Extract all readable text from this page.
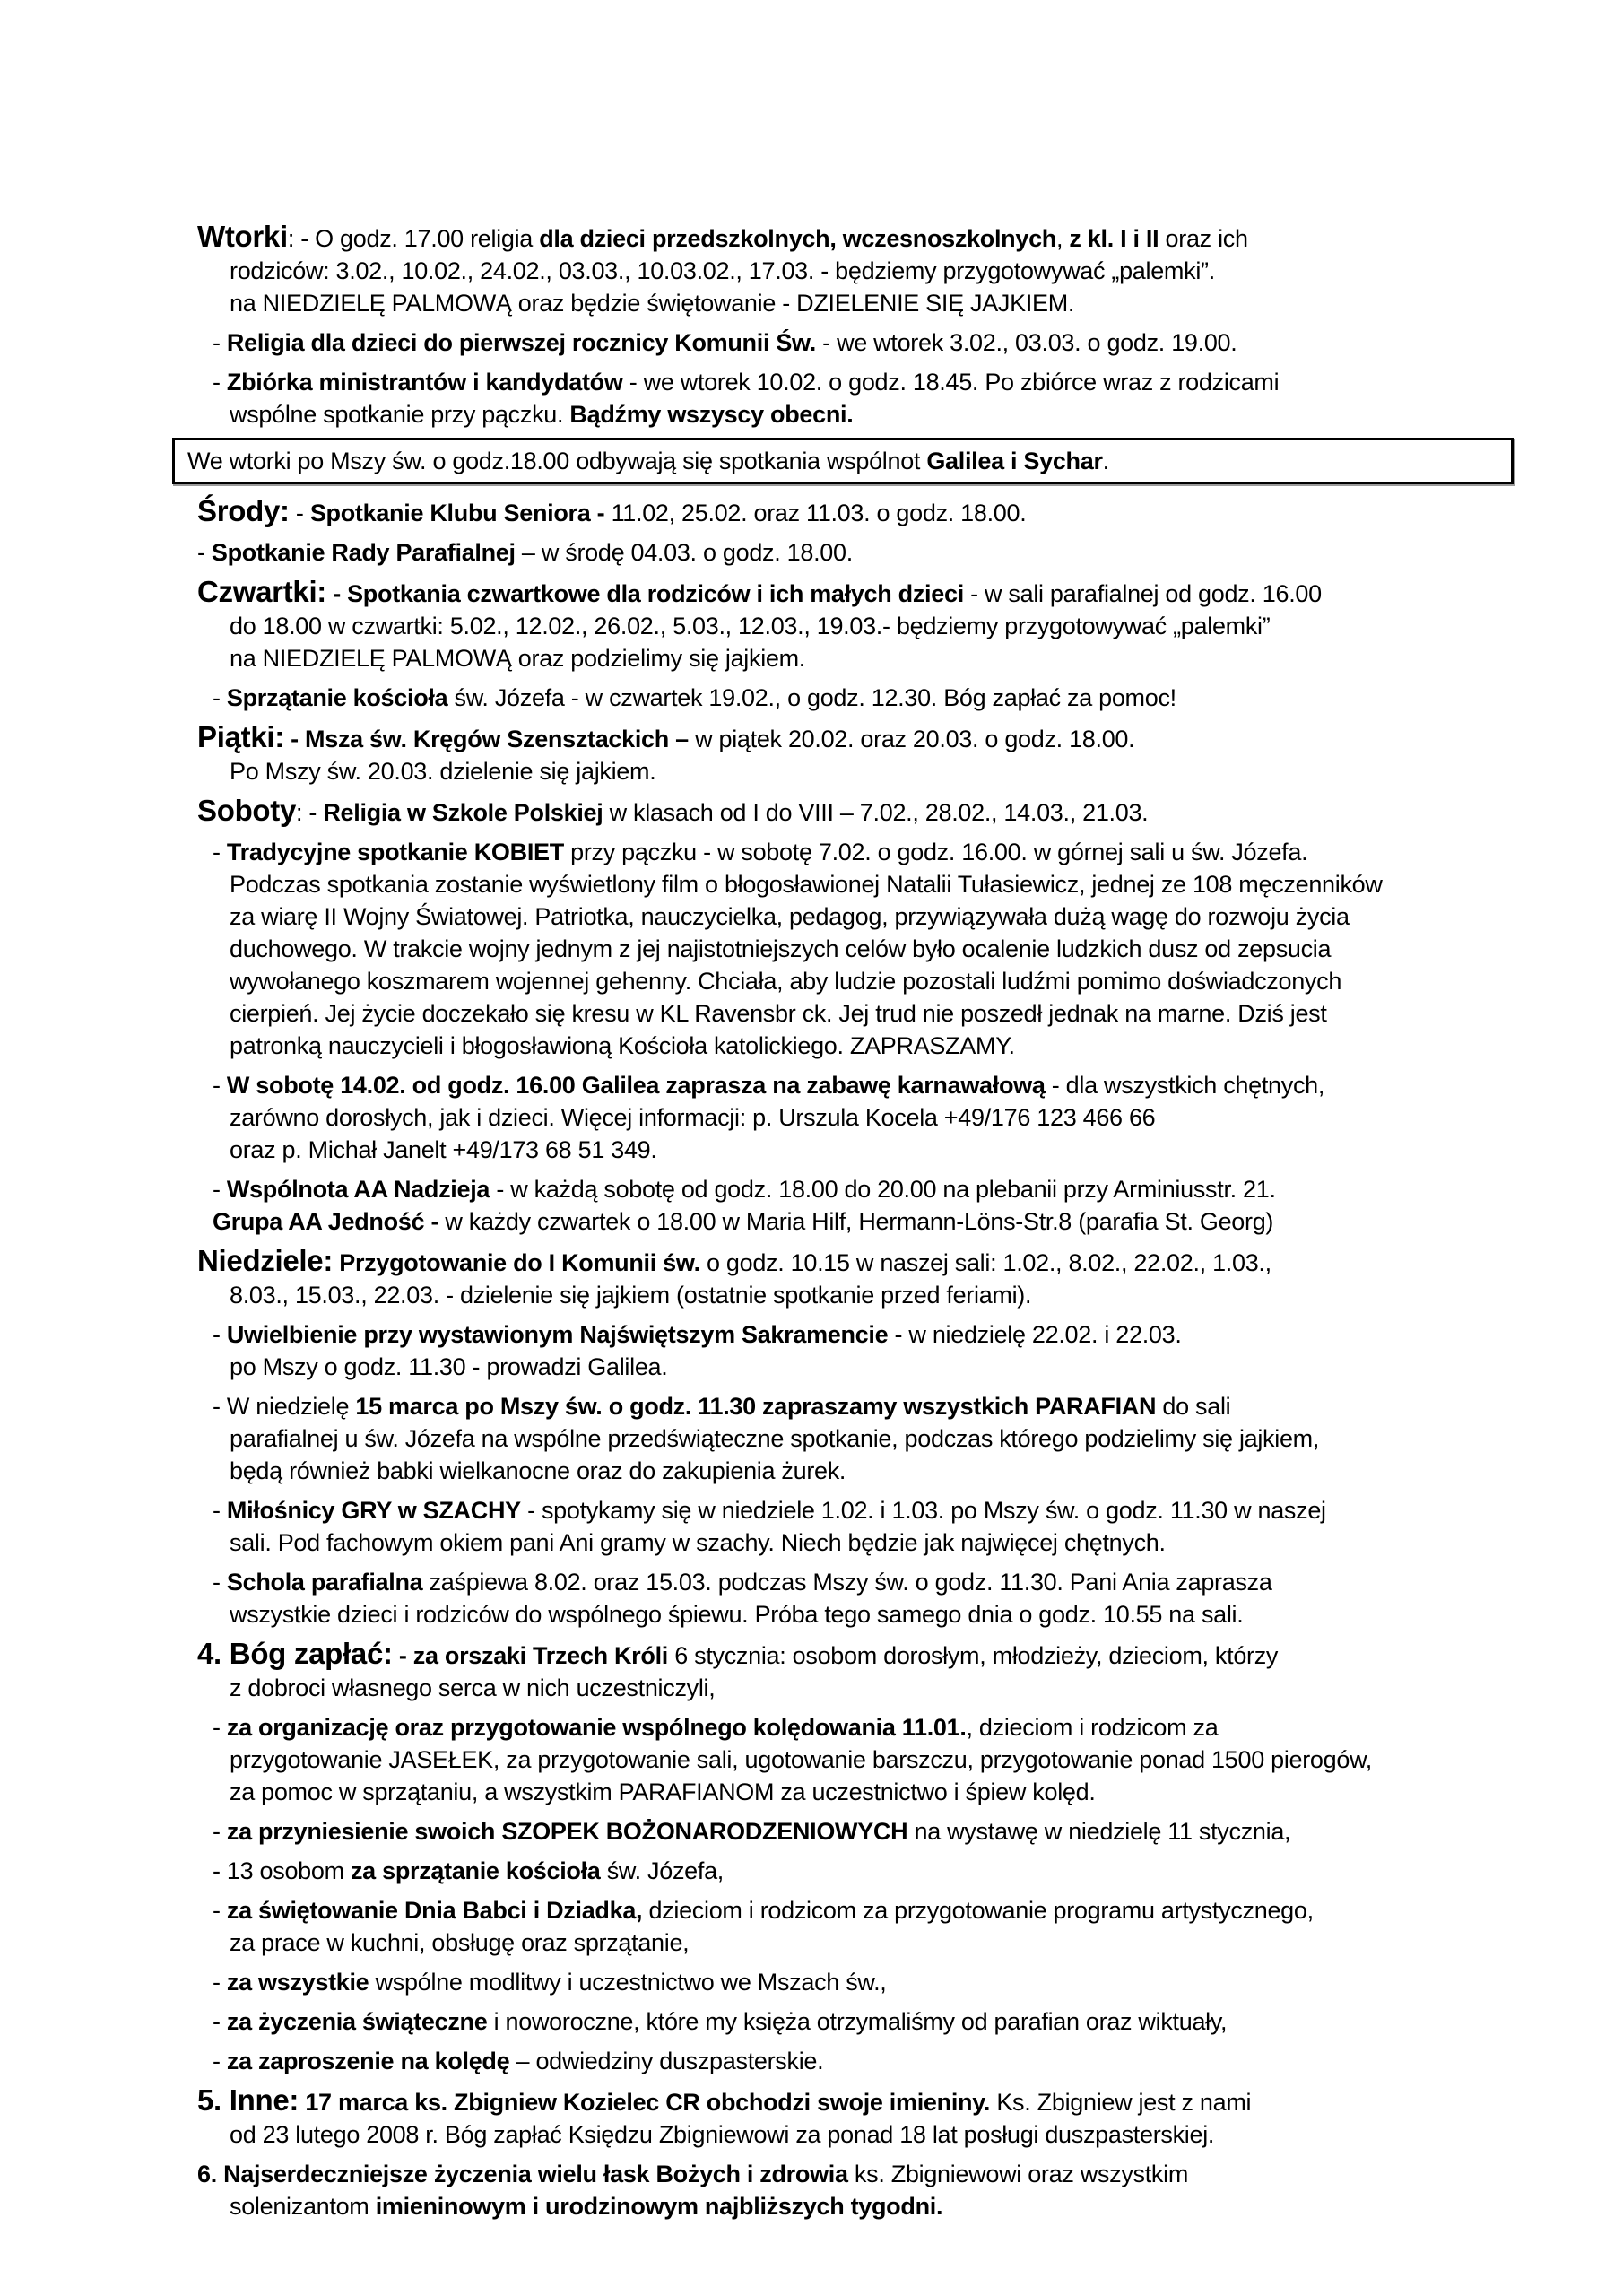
Wtorki: - O godz. 17.00 religia dla dzieci przedszkolnych, wczesnoszkolnych, z kl. I i II oraz ich
rodziców: 3.02., 10.02., 24.02., 03.03., 10.03.02., 17.03. - będziemy przygotowywać „palemki”.
na NIEDZIELĘ PALMOWĄ oraz będzie świętowanie - DZIELENIE SIĘ JAJKIEM.
- Religia dla dzieci do pierwszej rocznicy Komunii Św. - we wtorek 3.02., 03.03. o godz. 19.00.
- Zbiórka ministrantów i kandydatów - we wtorek 10.02. o godz. 18.45. Po zbiórce wraz z rodzicami
wspólne spotkanie przy pączku. Bądźmy wszyscy obecni.
We wtorki po Mszy św. o godz.18.00 odbywają się spotkania wspólnot Galilea i Sychar.
Środy: - Spotkanie Klubu Seniora - 11.02, 25.02. oraz 11.03. o godz. 18.00.
- Spotkanie Rady Parafialnej – w środę 04.03. o godz. 18.00.
Czwartki: - Spotkania czwartkowe dla rodziców i ich małych dzieci - w sali parafialnej od godz. 16.00
do 18.00 w czwartki: 5.02., 12.02., 26.02., 5.03., 12.03., 19.03.- będziemy przygotowywać „palemki”
na NIEDZIELĘ PALMOWĄ oraz podzielimy się jajkiem.
- Sprzątanie kościoła św. Józefa - w czwartek 19.02., o godz. 12.30. Bóg zapłać za pomoc!
Piątki: - Msza św. Kręgów Szensztackich – w piątek 20.02. oraz 20.03. o godz. 18.00.
Po Mszy św. 20.03. dzielenie się jajkiem.
Soboty: - Religia w Szkole Polskiej w klasach od I do VIII – 7.02., 28.02., 14.03., 21.03.
- Tradycyjne spotkanie KOBIET przy pączku - w sobotę 7.02. o godz. 16.00. w górnej sali u św. Józefa.
Podczas spotkania zostanie wyświetlony film o błogosławionej Natalii Tułasiewicz, jednej ze 108 męczenników
za wiarę II Wojny Światowej. Patriotka, nauczycielka, pedagog, przywiązywała dużą wagę do rozwoju życia
duchowego. W trakcie wojny jednym z jej najistotniejszych celów było ocalenie ludzkich dusz od zepsucia
wywołanego koszmarem wojennej gehenny. Chciała, aby ludzie pozostali ludźmi pomimo doświadczonych
cierpień. Jej życie doczekało się kresu w KL Ravensbr ck. Jej trud nie poszedł jednak na marne. Dziś jest
patronką nauczycieli i błogosławioną Kościoła katolickiego. ZAPRASZAMY.
- W sobotę 14.02. od godz. 16.00 Galilea zaprasza na zabawę karnawałową - dla wszystkich chętnych,
zarówno dorosłych, jak i dzieci. Więcej informacji: p. Urszula Kocela +49/176 123 466 66
oraz p. Michał Janelt +49/173 68 51 349.
- Wspólnota AA Nadzieja - w każdą sobotę od godz. 18.00 do 20.00 na plebanii przy Arminiusstr. 21.
Grupa AA Jedność - w każdy czwartek o 18.00 w Maria Hilf, Hermann-Löns-Str.8 (parafia St. Georg)
Niedziele: Przygotowanie do I Komunii św. o godz. 10.15 w naszej sali: 1.02., 8.02., 22.02., 1.03.,
8.03., 15.03., 22.03. - dzielenie się jajkiem (ostatnie spotkanie przed feriami).
- Uwielbienie przy wystawionym Najświętszym Sakramencie - w niedzielę 22.02. i 22.03.
po Mszy o godz. 11.30 - prowadzi Galilea.
- W niedzielę 15 marca po Mszy św. o godz. 11.30 zapraszamy wszystkich PARAFIAN do sali
parafialnej u św. Józefa na wspólne przedświąteczne spotkanie, podczas którego podzielimy się jajkiem,
będą również babki wielkanocne oraz do zakupienia żurek.
- Miłośnicy GRY w SZACHY - spotykamy się w niedziele 1.02. i 1.03. po Mszy św. o godz. 11.30 w naszej
sali. Pod fachowym okiem pani Ani gramy w szachy. Niech będzie jak najwięcej chętnych.
- Schola parafialna zaśpiewa 8.02. oraz 15.03. podczas Mszy św. o godz. 11.30. Pani Ania zaprasza
wszystkie dzieci i rodziców do wspólnego śpiewu. Próba tego samego dnia o godz. 10.55 na sali.
4. Bóg zapłać: - za orszaki Trzech Króli 6 stycznia: osobom dorosłym, młodzieży, dzieciom, którzy
z dobroci własnego serca w nich uczestniczyli,
- za organizację oraz przygotowanie wspólnego kolędowania 11.01., dzieciom i rodzicom za
przygotowanie JASEŁEK, za przygotowanie sali, ugotowanie barszczu, przygotowanie ponad 1500 pierogów,
za pomoc w sprzątaniu, a wszystkim PARAFIANOM za uczestnictwo i śpiew kolęd.
- za przyniesienie swoich SZOPEK BOŻONARODZENIOWYCH na wystawę w niedzielę 11 stycznia,
- 13 osobom za sprzątanie kościoła św. Józefa,
- za świętowanie Dnia Babci i Dziadka, dzieciom i rodzicom za przygotowanie programu artystycznego,
za prace w kuchni, obsługę oraz sprzątanie,
- za wszystkie wspólne modlitwy i uczestnictwo we Mszach św.,
- za życzenia świąteczne i noworoczne, które my księża otrzymaliśmy od parafian oraz wiktuały,
- za zaproszenie na kolędę – odwiedziny duszpasterskie.
5. Inne: 17 marca ks. Zbigniew Kozielec CR obchodzi swoje imieniny. Ks. Zbigniew jest z nami
od 23 lutego 2008 r. Bóg zapłać Księdzu Zbigniewowi za ponad 18 lat posługi duszpasterskiej.
6. Najserdeczniejsze życzenia wielu łask Bożych i zdrowia ks. Zbigniewowi oraz wszystkim
solenizantom imieninowym i urodzinowym najbliższych tygodni.
